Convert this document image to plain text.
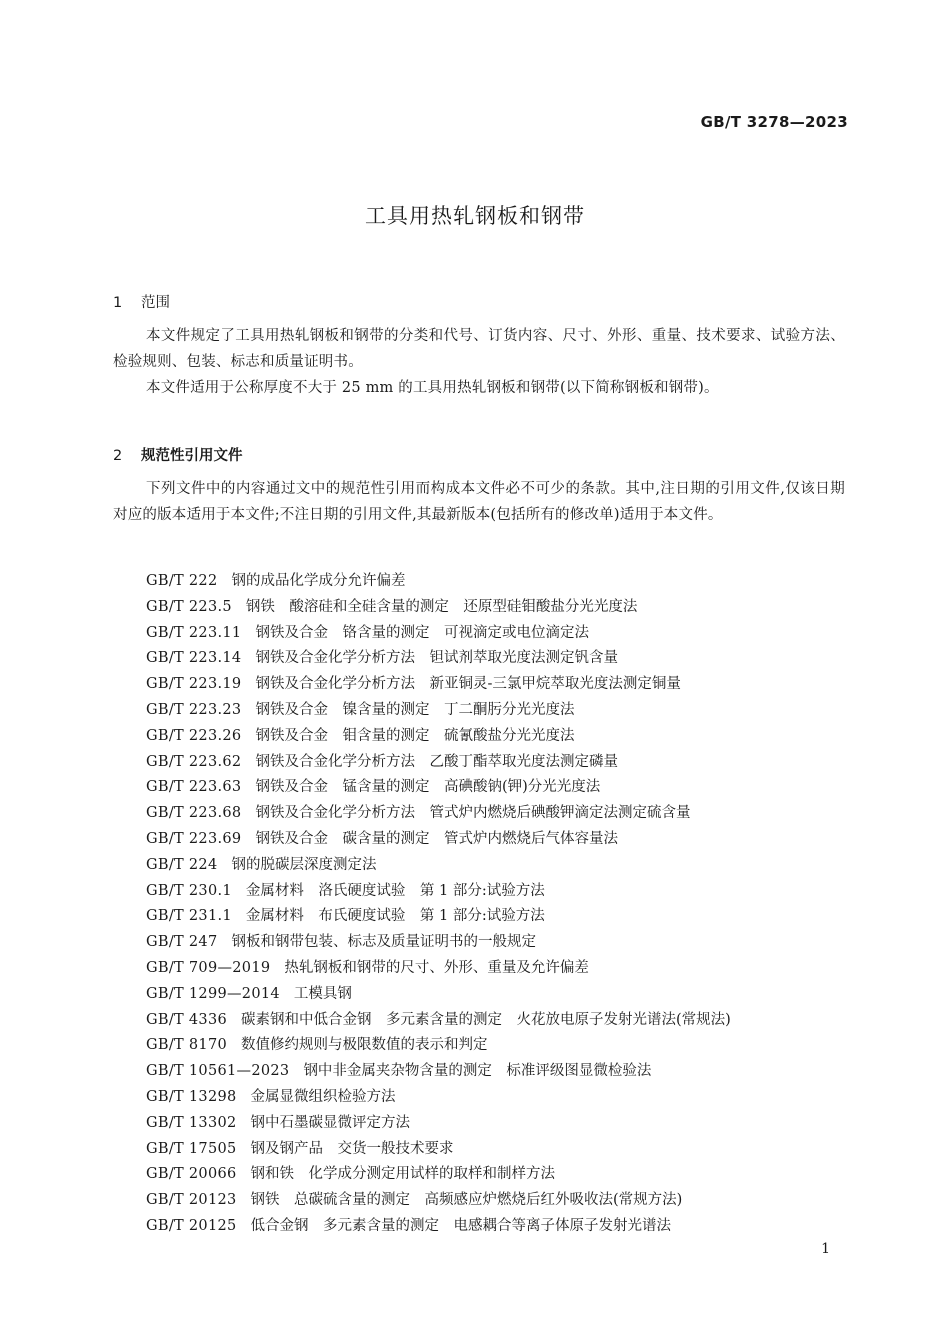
GB/T 3278—2023
工具用热轧钢板和钢带
1 范围

本文件规定了工具用热轧钢板和钢带的分类和代号、订货内容、尺寸、外形、重量、技术要求、试验方法、检验规则、包装、标志和质量证明书。

本文件适用于公称厚度不大于 25 mm 的工具用热轧钢板和钢带(以下简称钢板和钢带)。

2 规范性引用文件

下列文件中的内容通过文中的规范性引用而构成本文件必不可少的条款。其中,注日期的引用文件,仅该日期对应的版本适用于本文件;不注日期的引用文件,其最新版本(包括所有的修改单)适用于本文件。

GB/T 222 钢的成品化学成分允许偏差
GB/T 223.5 钢铁　酸溶硅和全硅含量的测定　还原型硅钼酸盐分光光度法
GB/T 223.11 钢铁及合金　铬含量的测定　可视滴定或电位滴定法
GB/T 223.14 钢铁及合金化学分析方法　钽试剂萃取光度法测定钒含量
GB/T 223.19 钢铁及合金化学分析方法　新亚铜灵-三氯甲烷萃取光度法测定铜量
GB/T 223.23 钢铁及合金　镍含量的测定　丁二酮肟分光光度法
GB/T 223.26 钢铁及合金　钼含量的测定　硫氰酸盐分光光度法
GB/T 223.62 钢铁及合金化学分析方法　乙酸丁酯萃取光度法测定磷量
GB/T 223.63 钢铁及合金　锰含量的测定　高碘酸钠(钾)分光光度法
GB/T 223.68 钢铁及合金化学分析方法　管式炉内燃烧后碘酸钾滴定法测定硫含量
GB/T 223.69 钢铁及合金　碳含量的测定　管式炉内燃烧后气体容量法
GB/T 224 钢的脱碳层深度测定法
GB/T 230.1 金属材料　洛氏硬度试验　第 1 部分:试验方法
GB/T 231.1 金属材料　布氏硬度试验　第 1 部分:试验方法
GB/T 247 钢板和钢带包装、标志及质量证明书的一般规定
GB/T 709—2019 热轧钢板和钢带的尺寸、外形、重量及允许偏差
GB/T 1299—2014 工模具钢
GB/T 4336 碳素钢和中低合金钢　多元素含量的测定　火花放电原子发射光谱法(常规法)
GB/T 8170 数值修约规则与极限数值的表示和判定
GB/T 10561—2023 钢中非金属夹杂物含量的测定　标准评级图显微检验法
GB/T 13298 金属显微组织检验方法
GB/T 13302 钢中石墨碳显微评定方法
GB/T 17505 钢及钢产品　交货一般技术要求
GB/T 20066 钢和铁　化学成分测定用试样的取样和制样方法
GB/T 20123 钢铁　总碳硫含量的测定　高频感应炉燃烧后红外吸收法(常规方法)
GB/T 20125 低合金钢　多元素含量的测定　电感耦合等离子体原子发射光谱法
1
